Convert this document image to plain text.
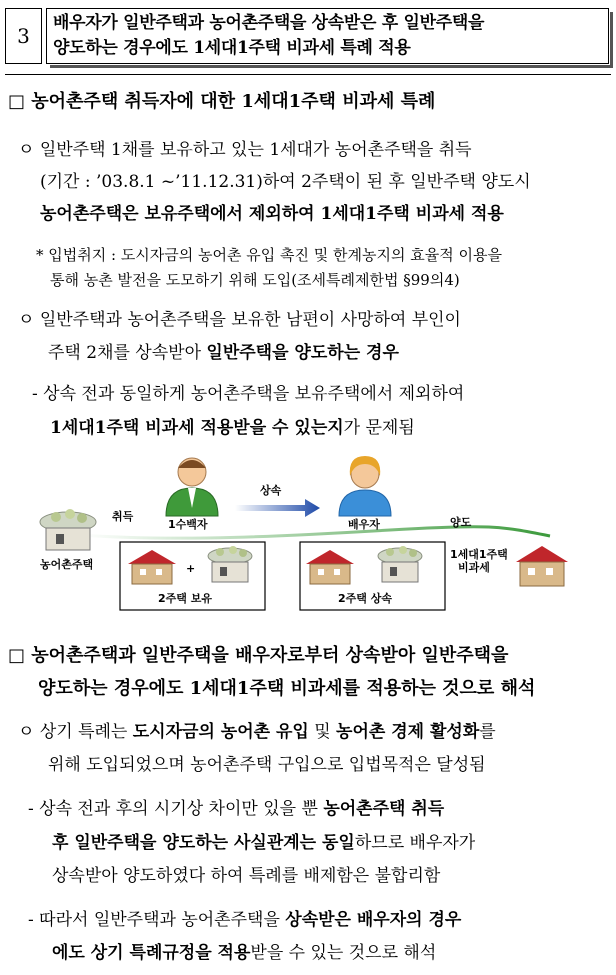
3
배우자가 일반주택과 농어촌주택을 상속받은 후 일반주택을
양도하는 경우에도 1세대1주택 비과세 특례 적용
□ 농어촌주택 취득자에 대한 1세대1주택 비과세 특례
ㅇ 일반주택 1채를 보유하고 있는 1세대가 농어촌주택을 취득
(기간 : ’03.8.1 ~’11.12.31)하여 2주택이 된 후 일반주택 양도시
농어촌주택은 보유주택에서 제외하여 1세대1주택 비과세 적용
* 입법취지 : 도시자금의 농어촌 유입 촉진 및 한계농지의 효율적 이용을
통해 농촌 발전을 도모하기 위해 도입(조세특례제한법 §99의4)
ㅇ 일반주택과 농어촌주택을 보유한 남편이 사망하여 부인이
주택 2채를 상속받아 일반주택을 양도하는 경우
- 상속 전과 동일하게 농어촌주택을 보유주택에서 제외하여
1세대1주택 비과세 적용받을 수 있는지가 문제됨
농어촌주택
취득
1수백자
상속
배우자	양도
+
2주택 보유	2주택 상속
1세대1주택
비과세
□ 농어촌주택과 일반주택을 배우자로부터 상속받아 일반주택을
양도하는 경우에도 1세대1주택 비과세를 적용하는 것으로 해석
ㅇ 상기 특례는 도시자금의 농어촌 유입 및 농어촌 경제 활성화를
위해 도입되었으며 농어촌주택 구입으로 입법목적은 달성됨
- 상속 전과 후의 시기상 차이만 있을 뿐 농어촌주택 취득
후 일반주택을 양도하는 사실관계는 동일하므로 배우자가
상속받아 양도하였다 하여 특례를 배제함은 불합리함
- 따라서 일반주택과 농어촌주택을 상속받은 배우자의 경우
에도 상기 특례규정을 적용받을 수 있는 것으로 해석
